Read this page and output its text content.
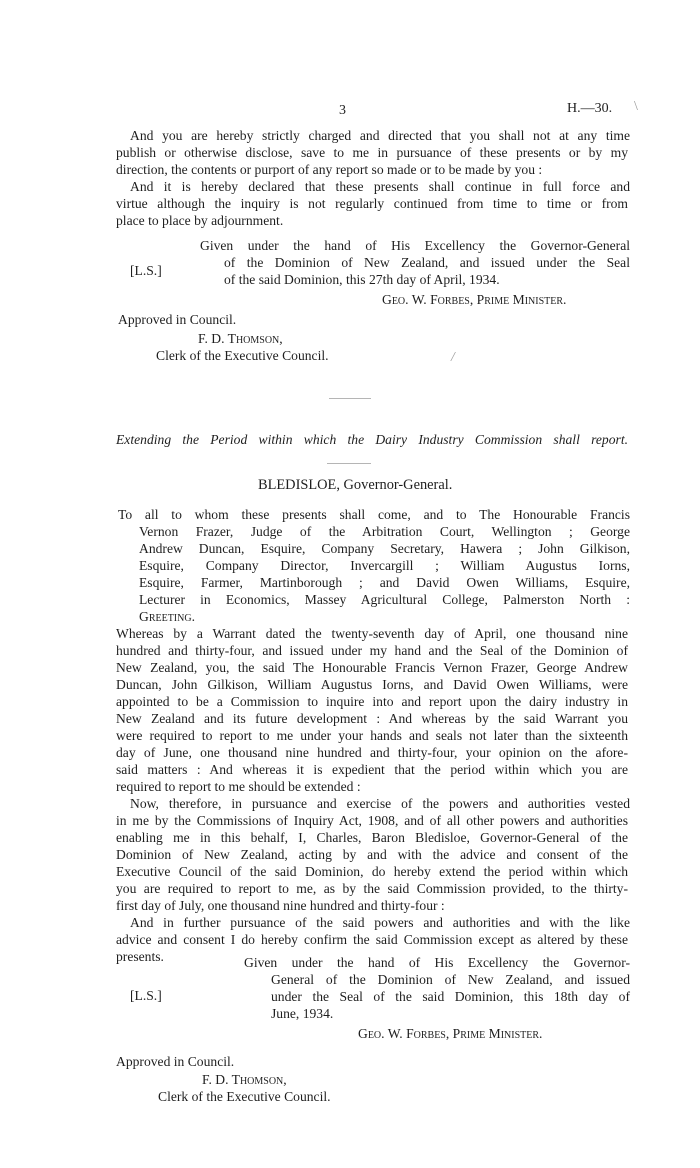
3	H.—30. \
And you are hereby strictly charged and directed that you shall not at any time
publish or otherwise disclose, save to me in pursuance of these presents or by my
direction, the contents or purport of any report so made or to be made by you :
And it is hereby declared that these presents shall continue in full force and
virtue although the inquiry is not regularly continued from time to time or from
place to place by adjournment.
[L.S.]
Given under the hand of His Excellency the Governor-General
of the Dominion of New Zealand, and issued under the Seal
of the said Dominion, this 27th day of April, 1934.
Geo. W. Forbes, Prime Minister.
Approved in Council.
F. D. Thomson,
Clerk of the Executive Council.	/
Extending the Period within which the Dairy Industry Commission shall report.
BLEDISLOE, Governor-General.
To all to whom these presents shall come, and to The Honourable Francis
Vernon Frazer, Judge of the Arbitration Court, Wellington ; George
Andrew Duncan, Esquire, Company Secretary, Hawera ; John Gilkison,
Esquire, Company Director, Invercargill ; William Augustus Iorns,
Esquire, Farmer, Martinborough ; and David Owen Williams, Esquire,
Lecturer in Economics, Massey Agricultural College, Palmerston North :
Greeting.
Whereas by a Warrant dated the twenty-seventh day of April, one thousand nine
hundred and thirty-four, and issued under my hand and the Seal of the Dominion of
New Zealand, you, the said The Honourable Francis Vernon Frazer, George Andrew
Duncan, John Gilkison, William Augustus Iorns, and David Owen Williams, were
appointed to be a Commission to inquire into and report upon the dairy industry in
New Zealand and its future development : And whereas by the said Warrant you
were required to report to me under your hands and seals not later than the sixteenth
day of June, one thousand nine hundred and thirty-four, your opinion on the afore-
said matters : And whereas it is expedient that the period within which you are
required to report to me should be extended :
Now, therefore, in pursuance and exercise of the powers and authorities vested
in me by the Commissions of Inquiry Act, 1908, and of all other powers and authorities
enabling me in this behalf, I, Charles, Baron Bledisloe, Governor-General of the
Dominion of New Zealand, acting by and with the advice and consent of the
Executive Council of the said Dominion, do hereby extend the period within which
you are required to report to me, as by the said Commission provided, to the thirty-
first day of July, one thousand nine hundred and thirty-four :
And in further pursuance of the said powers and authorities and with the like
advice and consent I do hereby confirm the said Commission except as altered by these
presents.	Given under the hand of His Excellency the Governor-
General of the Dominion of New Zealand, and issued
under the Seal of the said Dominion, this 18th day of
June, 1934.
[L.S.]
Geo. W. Forbes, Prime Minister.
Approved in Council.
F. D. Thomson,
Clerk of the Executive Council.
